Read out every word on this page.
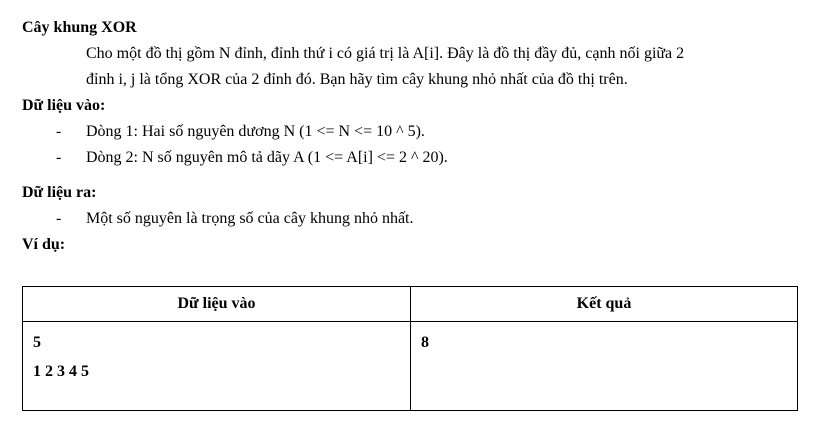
Cây khung XOR
Cho một đồ thị gồm N đỉnh, đỉnh thứ i có giá trị là A[i]. Đây là đồ thị đầy đủ, cạnh nối giữa 2
đỉnh i, j là tổng XOR của 2 đỉnh đó. Bạn hãy tìm cây khung nhỏ nhất của đồ thị trên.
Dữ liệu vào:
- Dòng 1: Hai số nguyên dương N (1 <= N <= 10 ^ 5).
- Dòng 2: N số nguyên mô tả dãy A (1 <= A[i] <= 2 ^ 20).
Dữ liệu ra:
- Một số nguyên là trọng số của cây khung nhỏ nhất.
Ví dụ:
Dữ liệu vào	Kết quả

5
1 2 3 4 5	8
